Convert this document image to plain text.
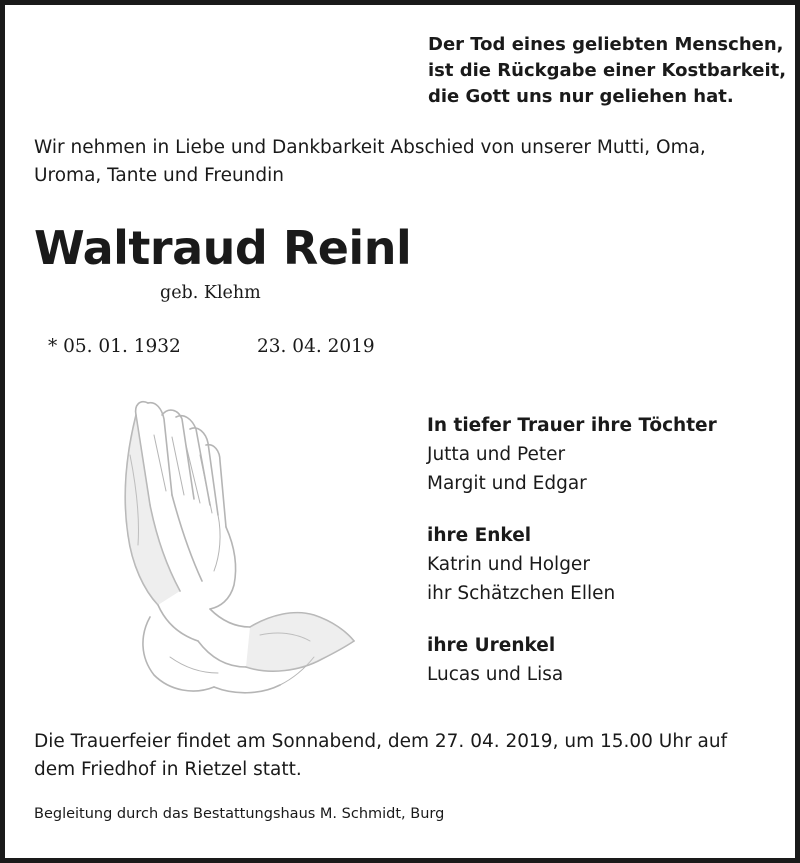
Der Tod eines geliebten Menschen,
ist die Rückgabe einer Kostbarkeit,
die Gott uns nur geliehen hat.
Wir nehmen in Liebe und Dankbarkeit Abschied von unserer Mutti, Oma,
Uroma, Tante und Freundin
Waltraud Reinl
geb. Klehm
* 05. 01. 1932	23. 04. 2019
In tiefer Trauer ihre Töchter
Jutta und Peter
Margit und Edgar
ihre Enkel
Katrin und Holger
ihr Schätzchen Ellen
ihre Urenkel
Lucas und Lisa
Die Trauerfeier findet am Sonnabend, dem 27. 04. 2019, um 15.00 Uhr auf
dem Friedhof in Rietzel statt.
Begleitung durch das Bestattungshaus M. Schmidt, Burg
